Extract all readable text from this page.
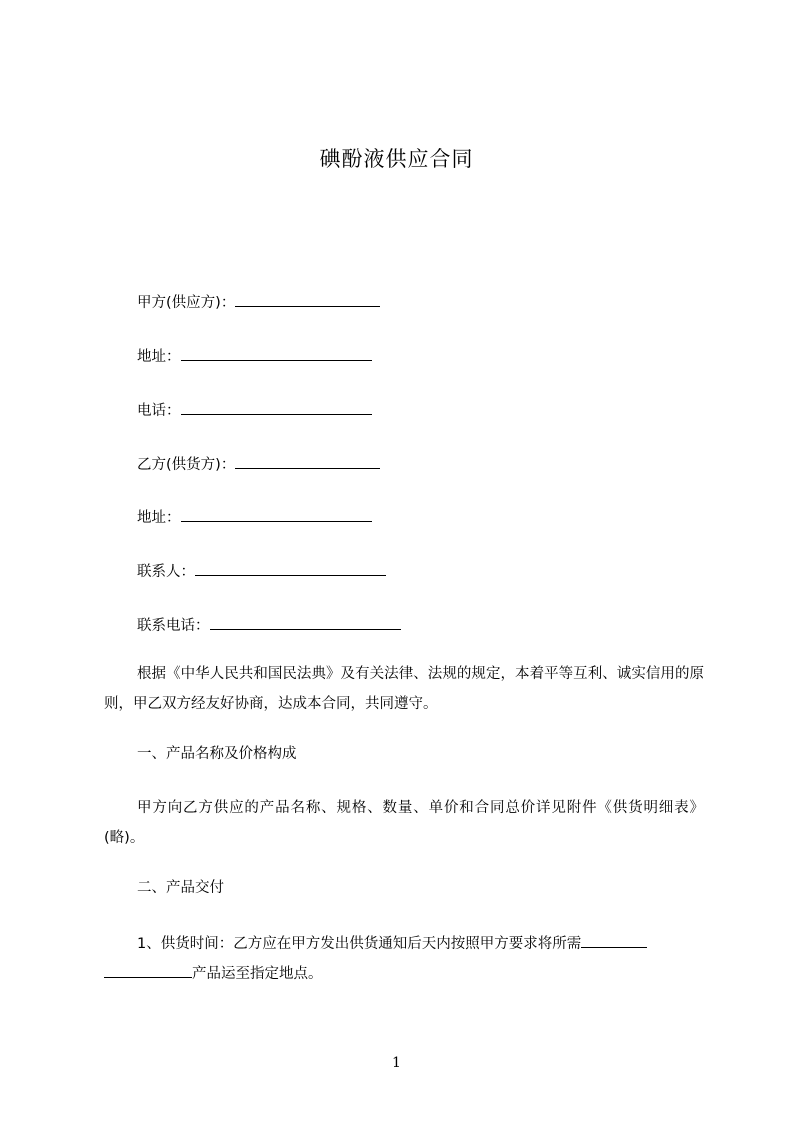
碘酚液供应合同
甲方(供应方)：
地址：
电话：
乙方(供货方)：
地址：
联系人：
联系电话：
根据《中华人民共和国民法典》及有关法律、法规的规定，本着平等互利、诚实信用的原则，甲乙双方经友好协商，达成本合同，共同遵守。
一、产品名称及价格构成
甲方向乙方供应的产品名称、规格、数量、单价和合同总价详见附件《供货明细表》(略)。
二、产品交付
1、供货时间：乙方应在甲方发出供货通知后天内按照甲方要求将所需
产品运至指定地点。
1
